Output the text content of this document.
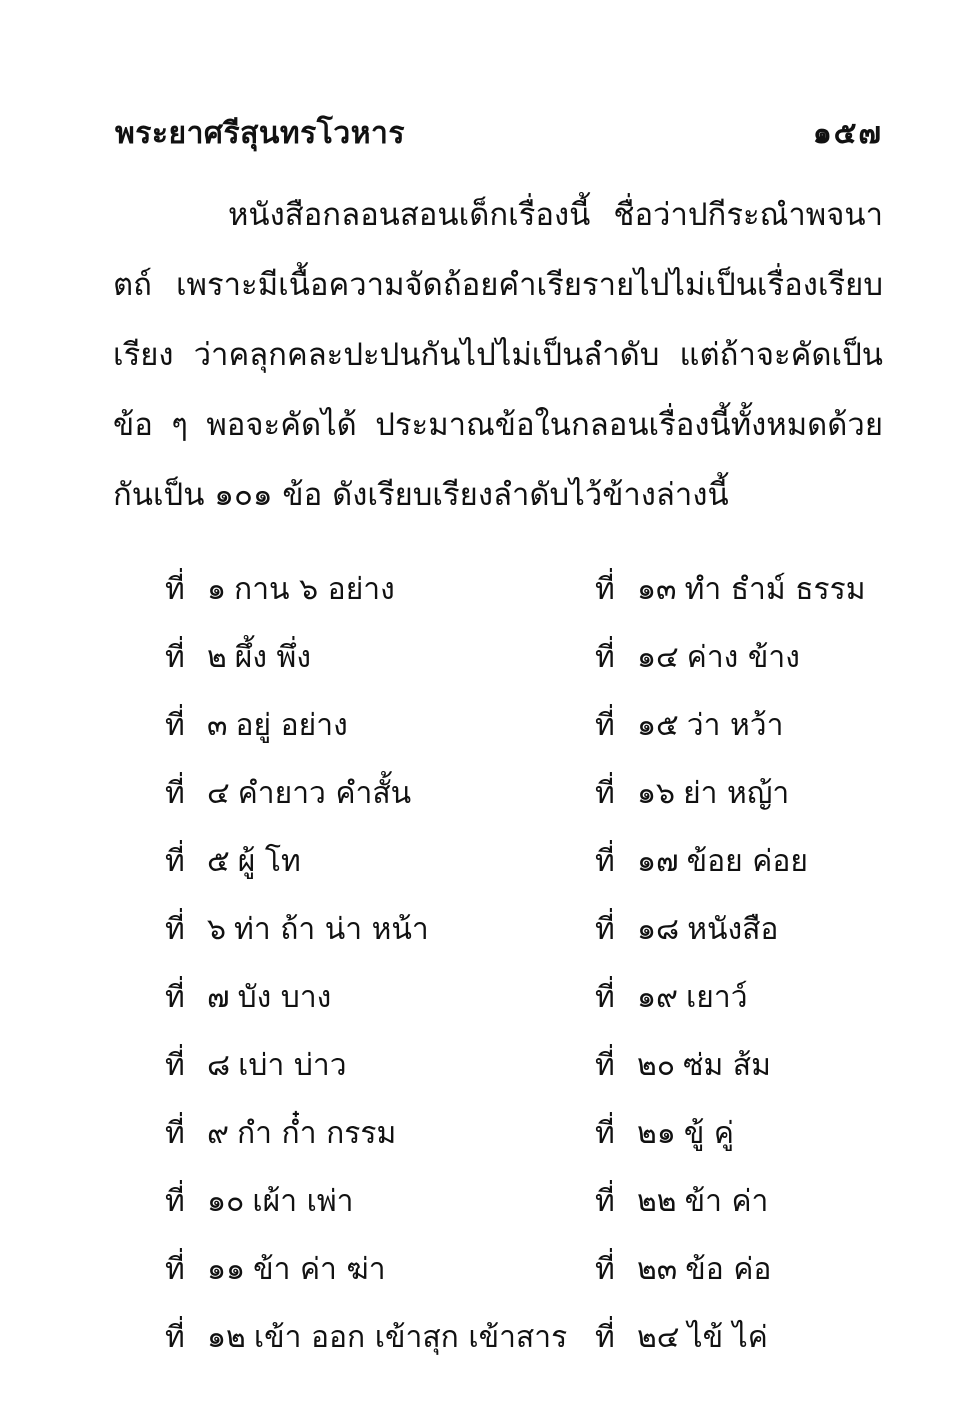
พระยาศรีสุนทรโวหาร	๑๕๗

หนังสือกลอนสอนเด็กเรื่องนี้ ชื่อว่าปกีระณำพจนาตถ์ เพราะมีเนื้อความจัดถ้อยคำเรียรายไปไม่เป็นเรื่องเรียบเรียง ว่าคลุกคละปะปนกันไปไม่เป็นลำดับ แต่ถ้าจะคัดเป็นข้อ ๆ พอจะคัดได้ ประมาณข้อในกลอนเรื่องนี้ทั้งหมดด้วยกันเป็น ๑๐๑ ข้อ ดังเรียบเรียงลำดับไว้ข้างล่างนี้

ที่ ๑ กาน ๖ อย่าง
ที่ ๒ ผึ้ง พึ่ง
ที่ ๓ อยู่ อย่าง
ที่ ๔ คำยาว คำสั้น
ที่ ๕ ผู้ โท
ที่ ๖ ท่า ถ้า น่า หน้า
ที่ ๗ บัง บาง
ที่ ๘ เบ่า บ่าว
ที่ ๙ กำ ก๋ำ กรรม
ที่ ๑๐ เผ้า เพ่า
ที่ ๑๑ ข้า ค่า ฆ่า
ที่ ๑๒ เข้า ออก เข้าสุก เข้าสาร
ที่ ๑๓ ทำ ธำม์ ธรรม
ที่ ๑๔ ค่าง ข้าง
ที่ ๑๕ ว่า หว้า
ที่ ๑๖ ย่า หญ้า
ที่ ๑๗ ข้อย ค่อย
ที่ ๑๘ หนังสือ
ที่ ๑๙ เยาว์
ที่ ๒๐ ซ่ม ส้ม
ที่ ๒๑ ขู้ คู่
ที่ ๒๒ ข้า ค่า
ที่ ๒๓ ข้อ ค่อ
ที่ ๒๔ ไข้ ไค่
